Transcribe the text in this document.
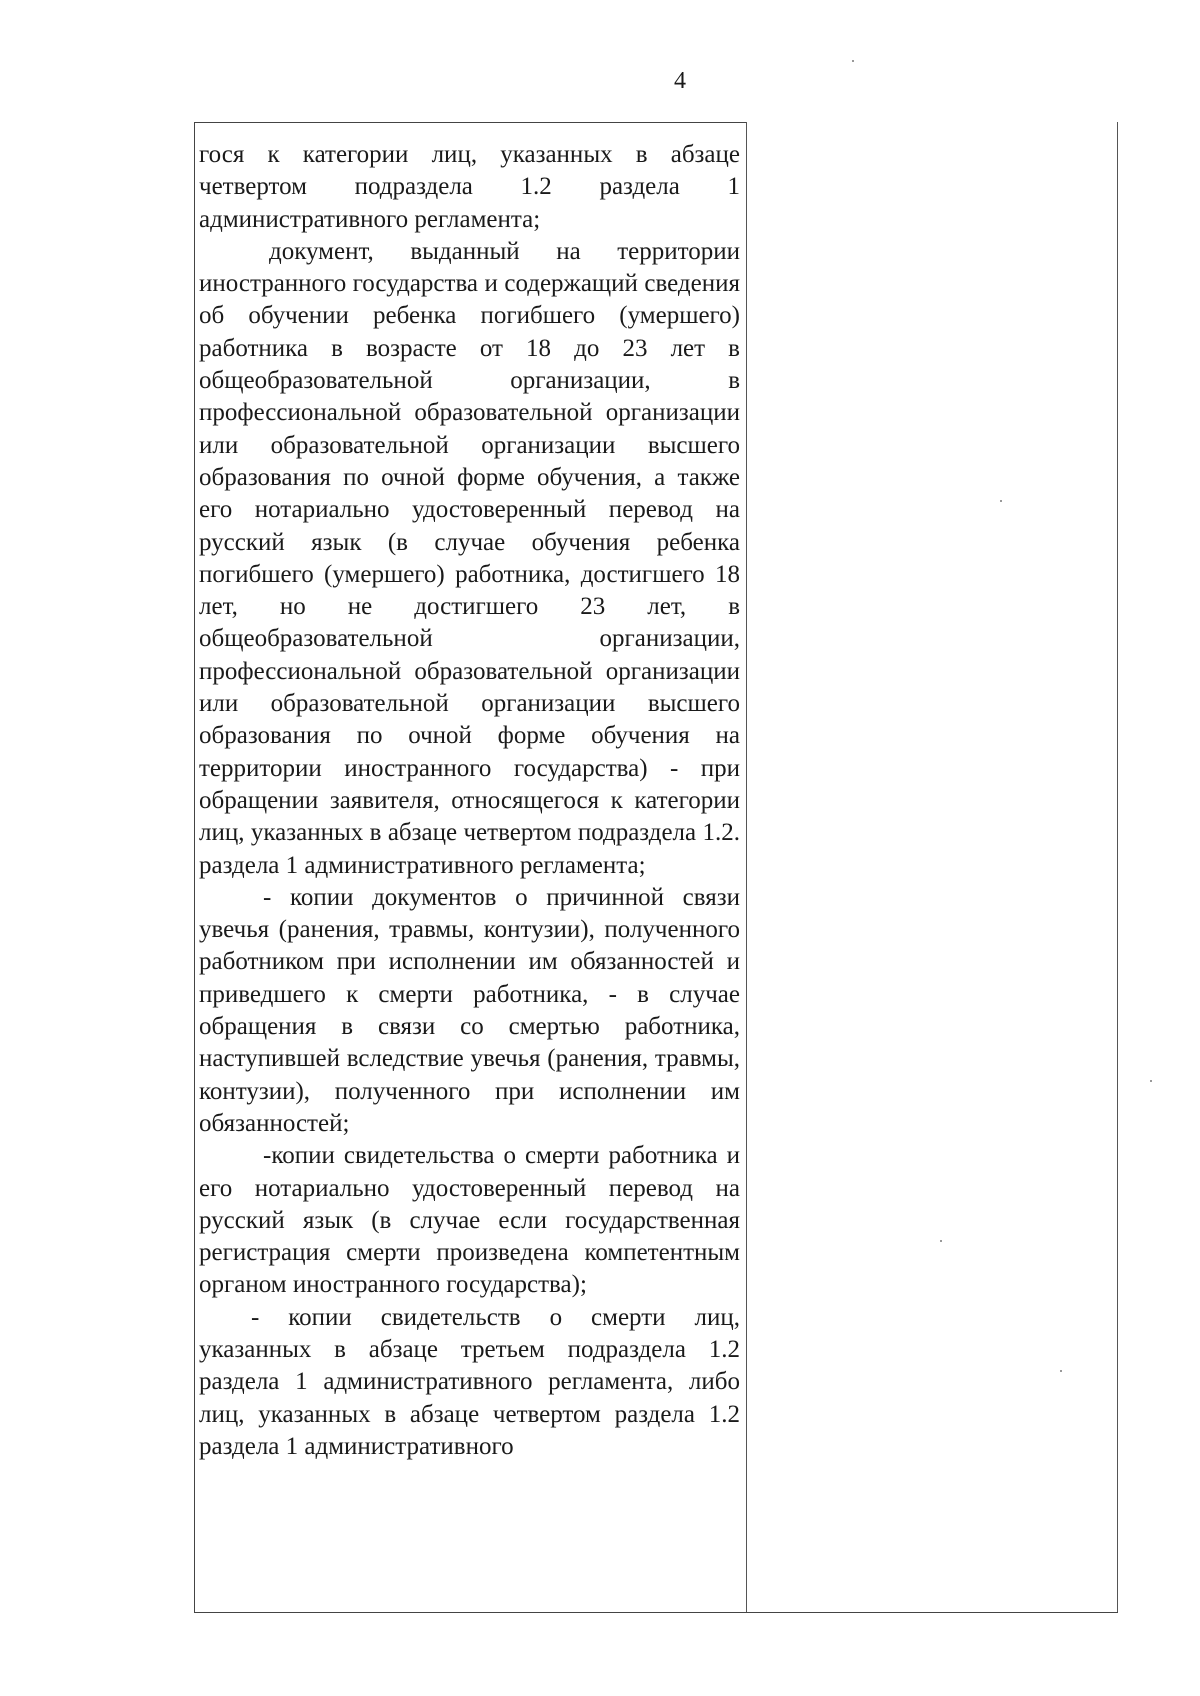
4

гося к категории лиц, указанных в абзаце четвертом подраздела 1.2 раздела 1 административного регламента;

документ, выданный на территории иностранного государства и содержащий сведения об обучении ребенка погибшего (умершего) работника в возрасте от 18 до 23 лет в общеобразовательной организации, в профессиональной образовательной организации или образовательной организации высшего образования по очной форме обучения, а также его нотариально удостоверенный перевод на русский язык (в случае обучения ребенка погибшего (умершего) работника, достигшего 18 лет, но не достигшего 23 лет, в общеобразовательной организации, профессиональной образовательной организации или образовательной организации высшего образования по очной форме обучения на территории иностранного государства) - при обращении заявителя, относящегося к категории лиц, указанных в абзаце четвертом подраздела 1.2. раздела 1 административного регламента;

- копии документов о причинной связи увечья (ранения, травмы, контузии), полученного работником при исполнении им обязанностей и приведшего к смерти работника, - в случае обращения в связи со смертью работника, наступившей вследствие увечья (ранения, травмы, контузии), полученного при исполнении им обязанностей;

-копии свидетельства о смерти работника и его нотариально удостоверенный перевод на русский язык (в случае если государственная регистрация смерти произведена компетентным органом иностранного государства);

- копии свидетельств о смерти лиц, указанных в абзаце третьем подраздела 1.2 раздела 1 административного регламента, либо лиц, указанных в абзаце четвертом раздела 1.2 раздела 1 административного
